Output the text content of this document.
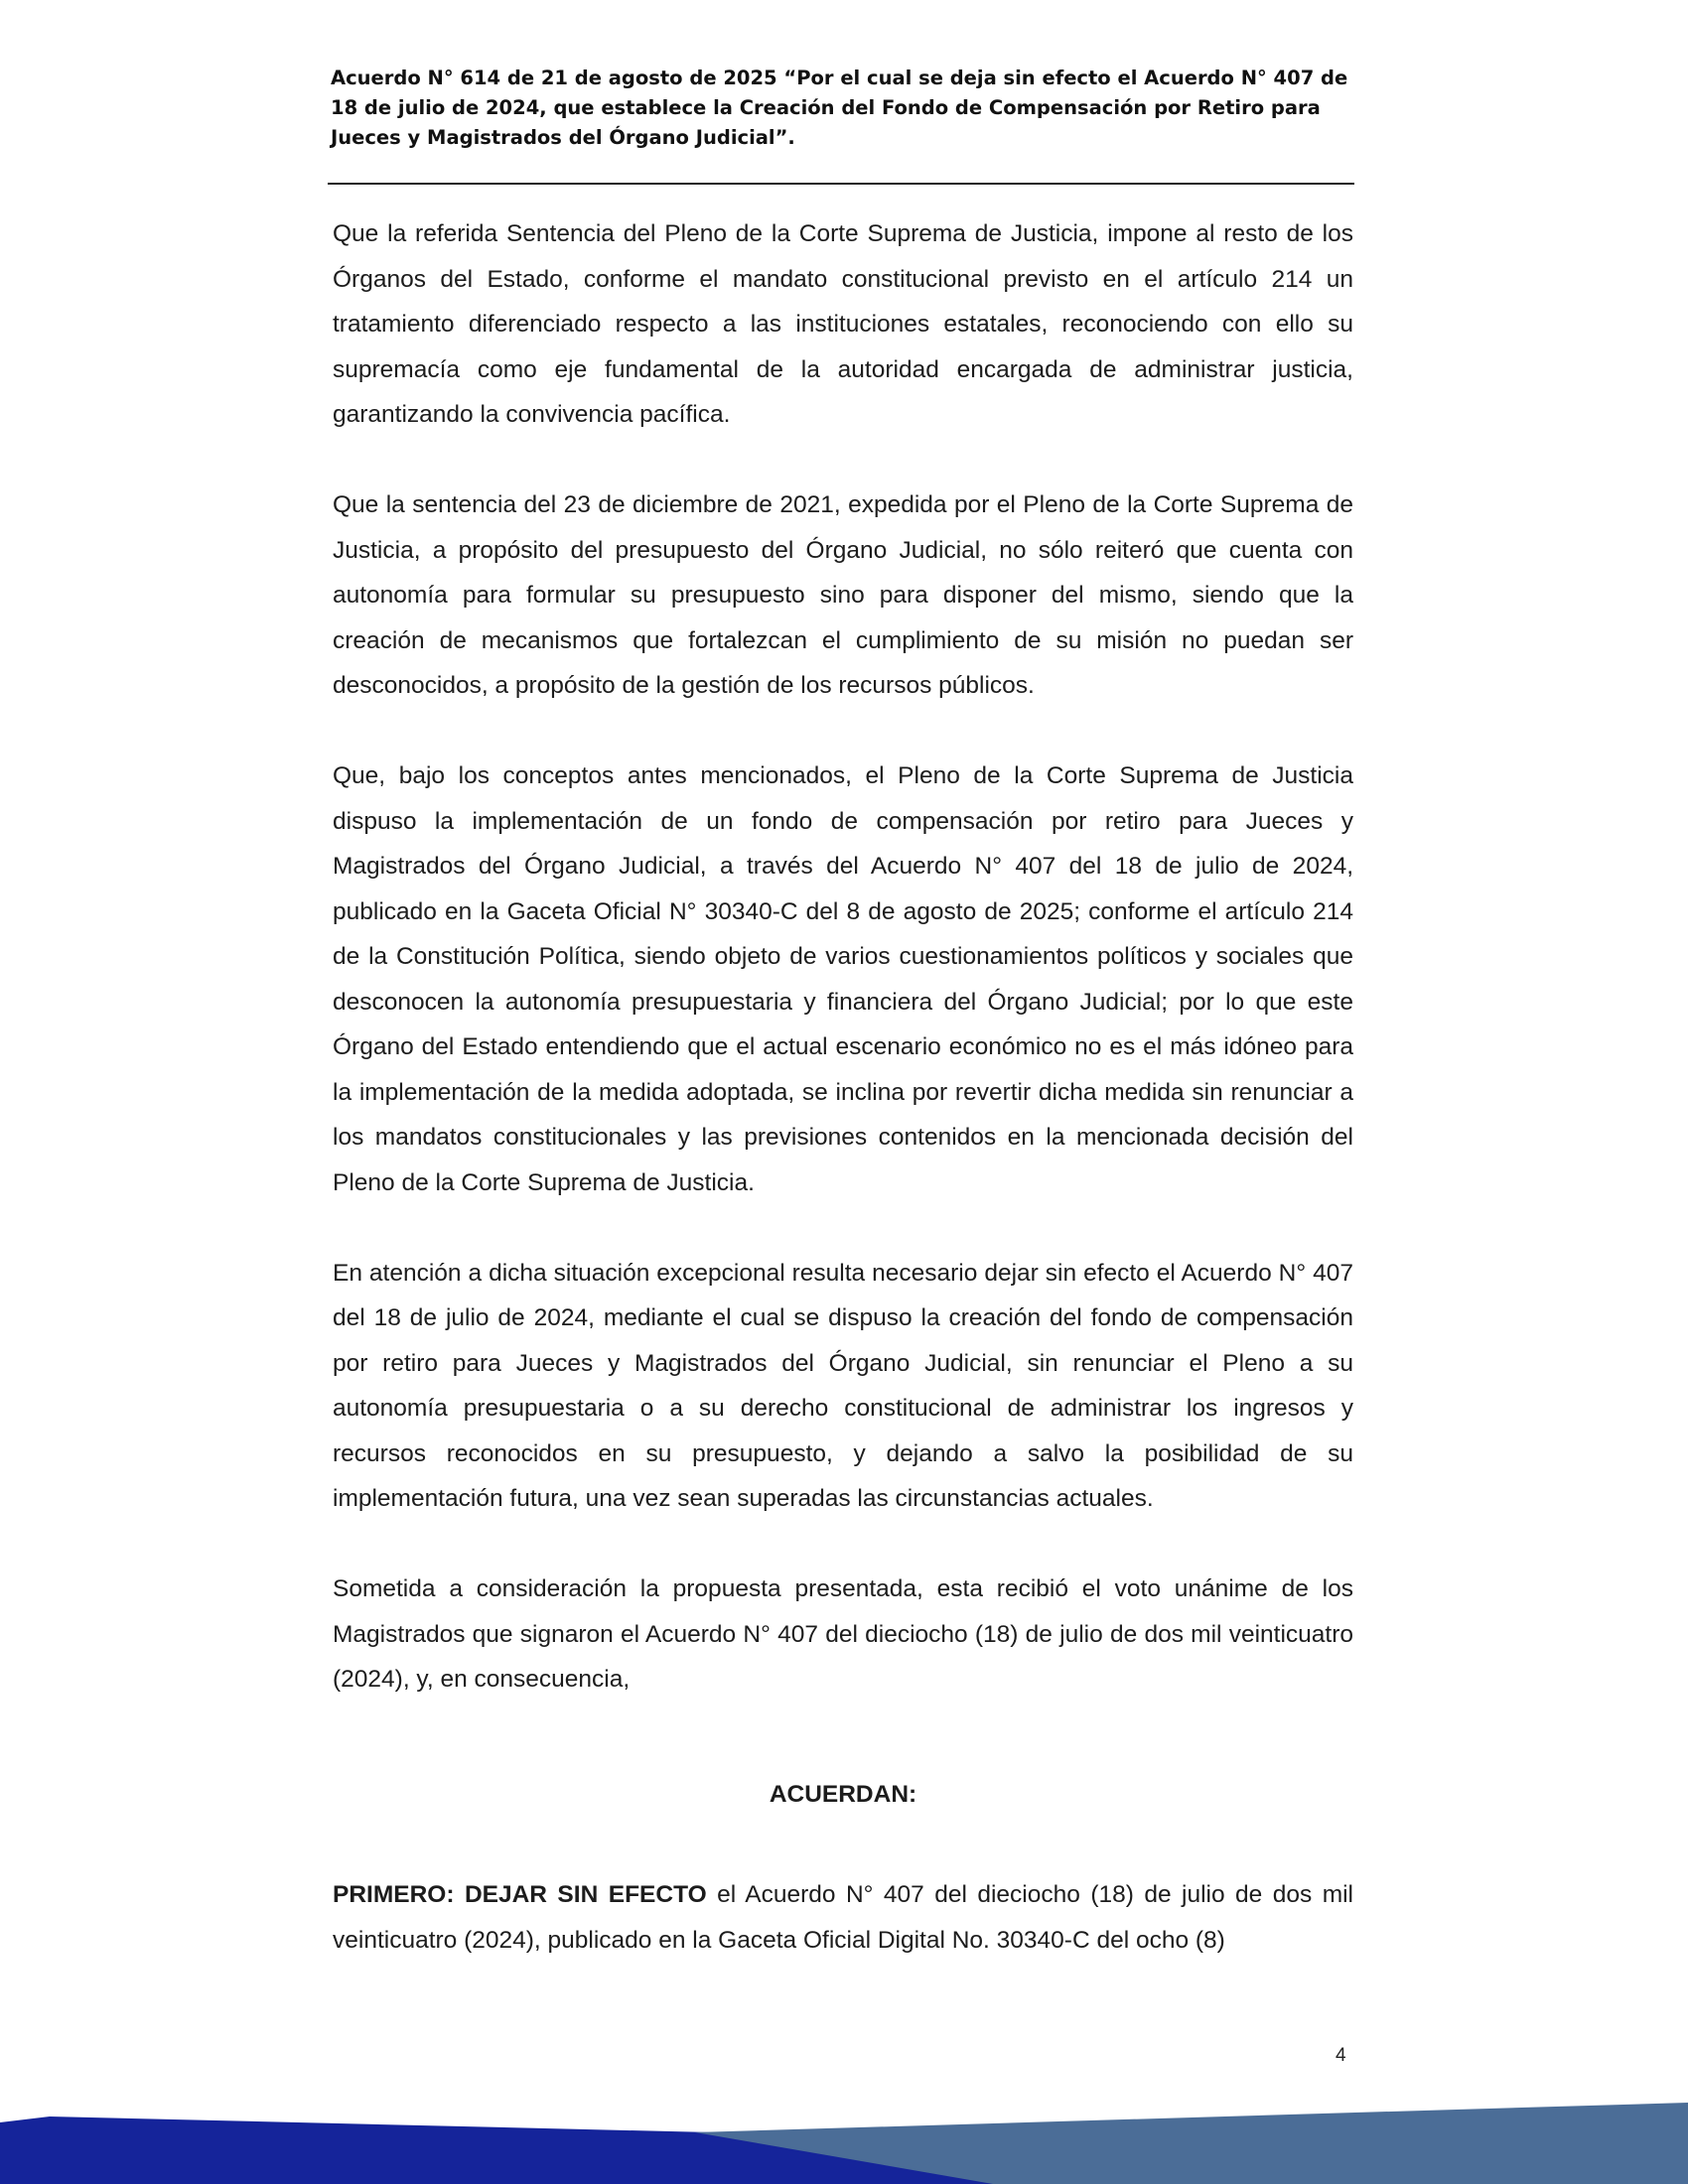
Acuerdo N° 614 de 21 de agosto de 2025 “Por el cual se deja sin efecto el Acuerdo N° 407 de 18 de julio de 2024, que establece la Creación del Fondo de Compensación por Retiro para Jueces y Magistrados del Órgano Judicial”.

Que la referida Sentencia del Pleno de la Corte Suprema de Justicia, impone al resto de los Órganos del Estado, conforme el mandato constitucional previsto en el artículo 214 un tratamiento diferenciado respecto a las instituciones estatales, reconociendo con ello su supremacía como eje fundamental de la autoridad encargada de administrar justicia, garantizando la convivencia pacífica.

Que la sentencia del 23 de diciembre de 2021, expedida por el Pleno de la Corte Suprema de Justicia, a propósito del presupuesto del Órgano Judicial, no sólo reiteró que cuenta con autonomía para formular su presupuesto sino para disponer del mismo, siendo que la creación de mecanismos que fortalezcan el cumplimiento de su misión no puedan ser desconocidos, a propósito de la gestión de los recursos públicos.

Que, bajo los conceptos antes mencionados, el Pleno de la Corte Suprema de Justicia dispuso la implementación de un fondo de compensación por retiro para Jueces y Magistrados del Órgano Judicial, a través del Acuerdo N° 407 del 18 de julio de 2024, publicado en la Gaceta Oficial N° 30340-C del 8 de agosto de 2025; conforme el artículo 214 de la Constitución Política, siendo objeto de varios cuestionamientos políticos y sociales que desconocen la autonomía presupuestaria y financiera del Órgano Judicial; por lo que este Órgano del Estado entendiendo que el actual escenario económico no es el más idóneo para la implementación de la medida adoptada, se inclina por revertir dicha medida sin renunciar a los mandatos constitucionales y las previsiones contenidos en la mencionada decisión del Pleno de la Corte Suprema de Justicia.

En atención a dicha situación excepcional resulta necesario dejar sin efecto el Acuerdo N° 407 del 18 de julio de 2024, mediante el cual se dispuso la creación del fondo de compensación por retiro para Jueces y Magistrados del Órgano Judicial, sin renunciar el Pleno a su autonomía presupuestaria o a su derecho constitucional de administrar los ingresos y recursos reconocidos en su presupuesto, y dejando a salvo la posibilidad de su implementación futura, una vez sean superadas las circunstancias actuales.

Sometida a consideración la propuesta presentada, esta recibió el voto unánime de los Magistrados que signaron el Acuerdo N° 407 del dieciocho (18) de julio de dos mil veinticuatro (2024), y, en consecuencia,

ACUERDAN:

PRIMERO: DEJAR SIN EFECTO el Acuerdo N° 407 del dieciocho (18) de julio de dos mil veinticuatro (2024), publicado en la Gaceta Oficial Digital No. 30340-C del ocho (8)

4
